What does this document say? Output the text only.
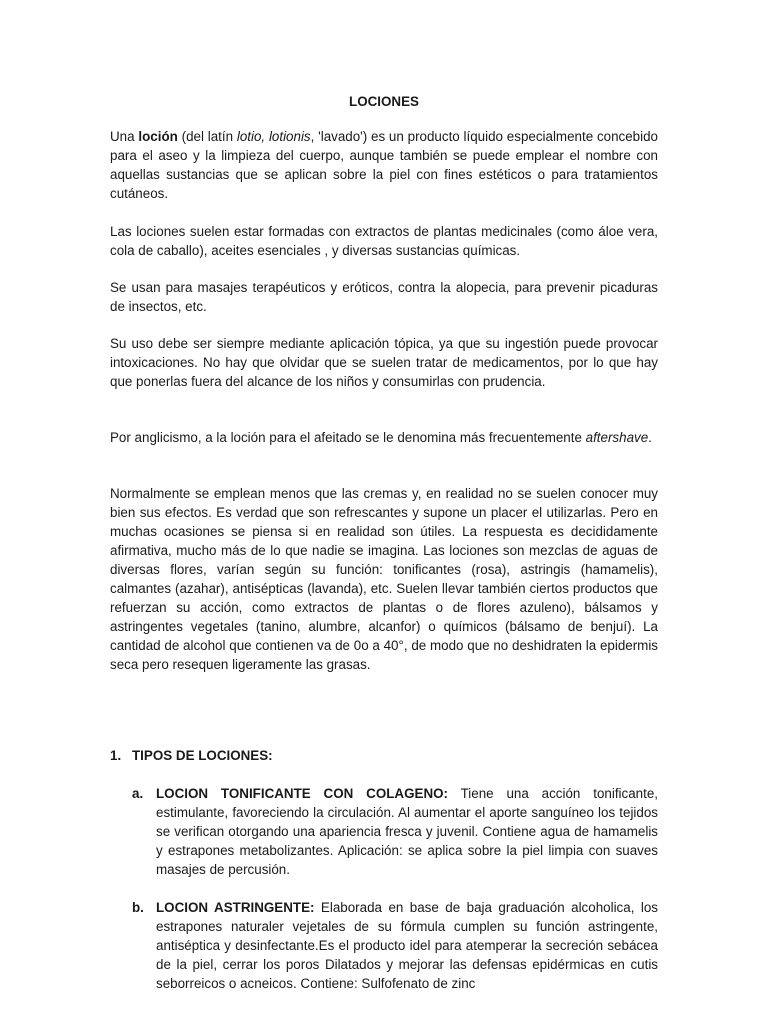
LOCIONES

Una loción (del latín lotio, lotionis, 'lavado') es un producto líquido especialmente concebido para el aseo y la limpieza del cuerpo, aunque también se puede emplear el nombre con aquellas sustancias que se aplican sobre la piel con fines estéticos o para tratamientos cutáneos.

Las lociones suelen estar formadas con extractos de plantas medicinales (como áloe vera, cola de caballo), aceites esenciales , y diversas sustancias químicas.

Se usan para masajes terapéuticos y eróticos, contra la alopecia, para prevenir picaduras de insectos, etc.

Su uso debe ser siempre mediante aplicación tópica, ya que su ingestión puede provocar intoxicaciones. No hay que olvidar que se suelen tratar de medicamentos, por lo que hay que ponerlas fuera del alcance de los niños y consumirlas con prudencia.

Por anglicismo, a la loción para el afeitado se le denomina más frecuentemente aftershave.

Normalmente se emplean menos que las cremas y, en realidad no se suelen conocer muy bien sus efectos. Es verdad que son refrescantes y supone un placer el utilizarlas. Pero en muchas ocasiones se piensa si en realidad son útiles. La respuesta es decididamente afirmativa, mucho más de lo que nadie se imagina. Las lociones son mezclas de aguas de diversas flores, varían según su función: tonificantes (rosa), astringis (hamamelis), calmantes (azahar), antisépticas (lavanda), etc. Suelen llevar también ciertos productos que refuerzan su acción, como extractos de plantas o de flores azuleno), bálsamos y astringentes vegetales (tanino, alumbre, alcanfor) o químicos (bálsamo de benjuí). La cantidad de alcohol que contienen va de 0o a 40°, de modo que no deshidraten la epidermis seca pero resequen ligeramente las grasas.

1. TIPOS DE LOCIONES:
a. LOCION TONIFICANTE CON COLAGENO: Tiene una acción tonificante, estimulante, favoreciendo la circulación. Al aumentar el aporte sanguíneo los tejidos se verifican otorgando una apariencia fresca y juvenil. Contiene agua de hamamelis y estrapones metabolizantes. Aplicación: se aplica sobre la piel limpia con suaves masajes de percusión.

b. LOCION ASTRINGENTE: Elaborada en base de baja graduación alcoholica, los estrapones naturaler vejetales de su fórmula cumplen su función astringente, antiséptica y desinfectante.Es el producto idel para atemperar la secreción sebácea de la piel, cerrar los poros Dilatados y mejorar las defensas epidérmicas en cutis seborreicos o acneicos. Contiene: Sulfofenato de zinc
